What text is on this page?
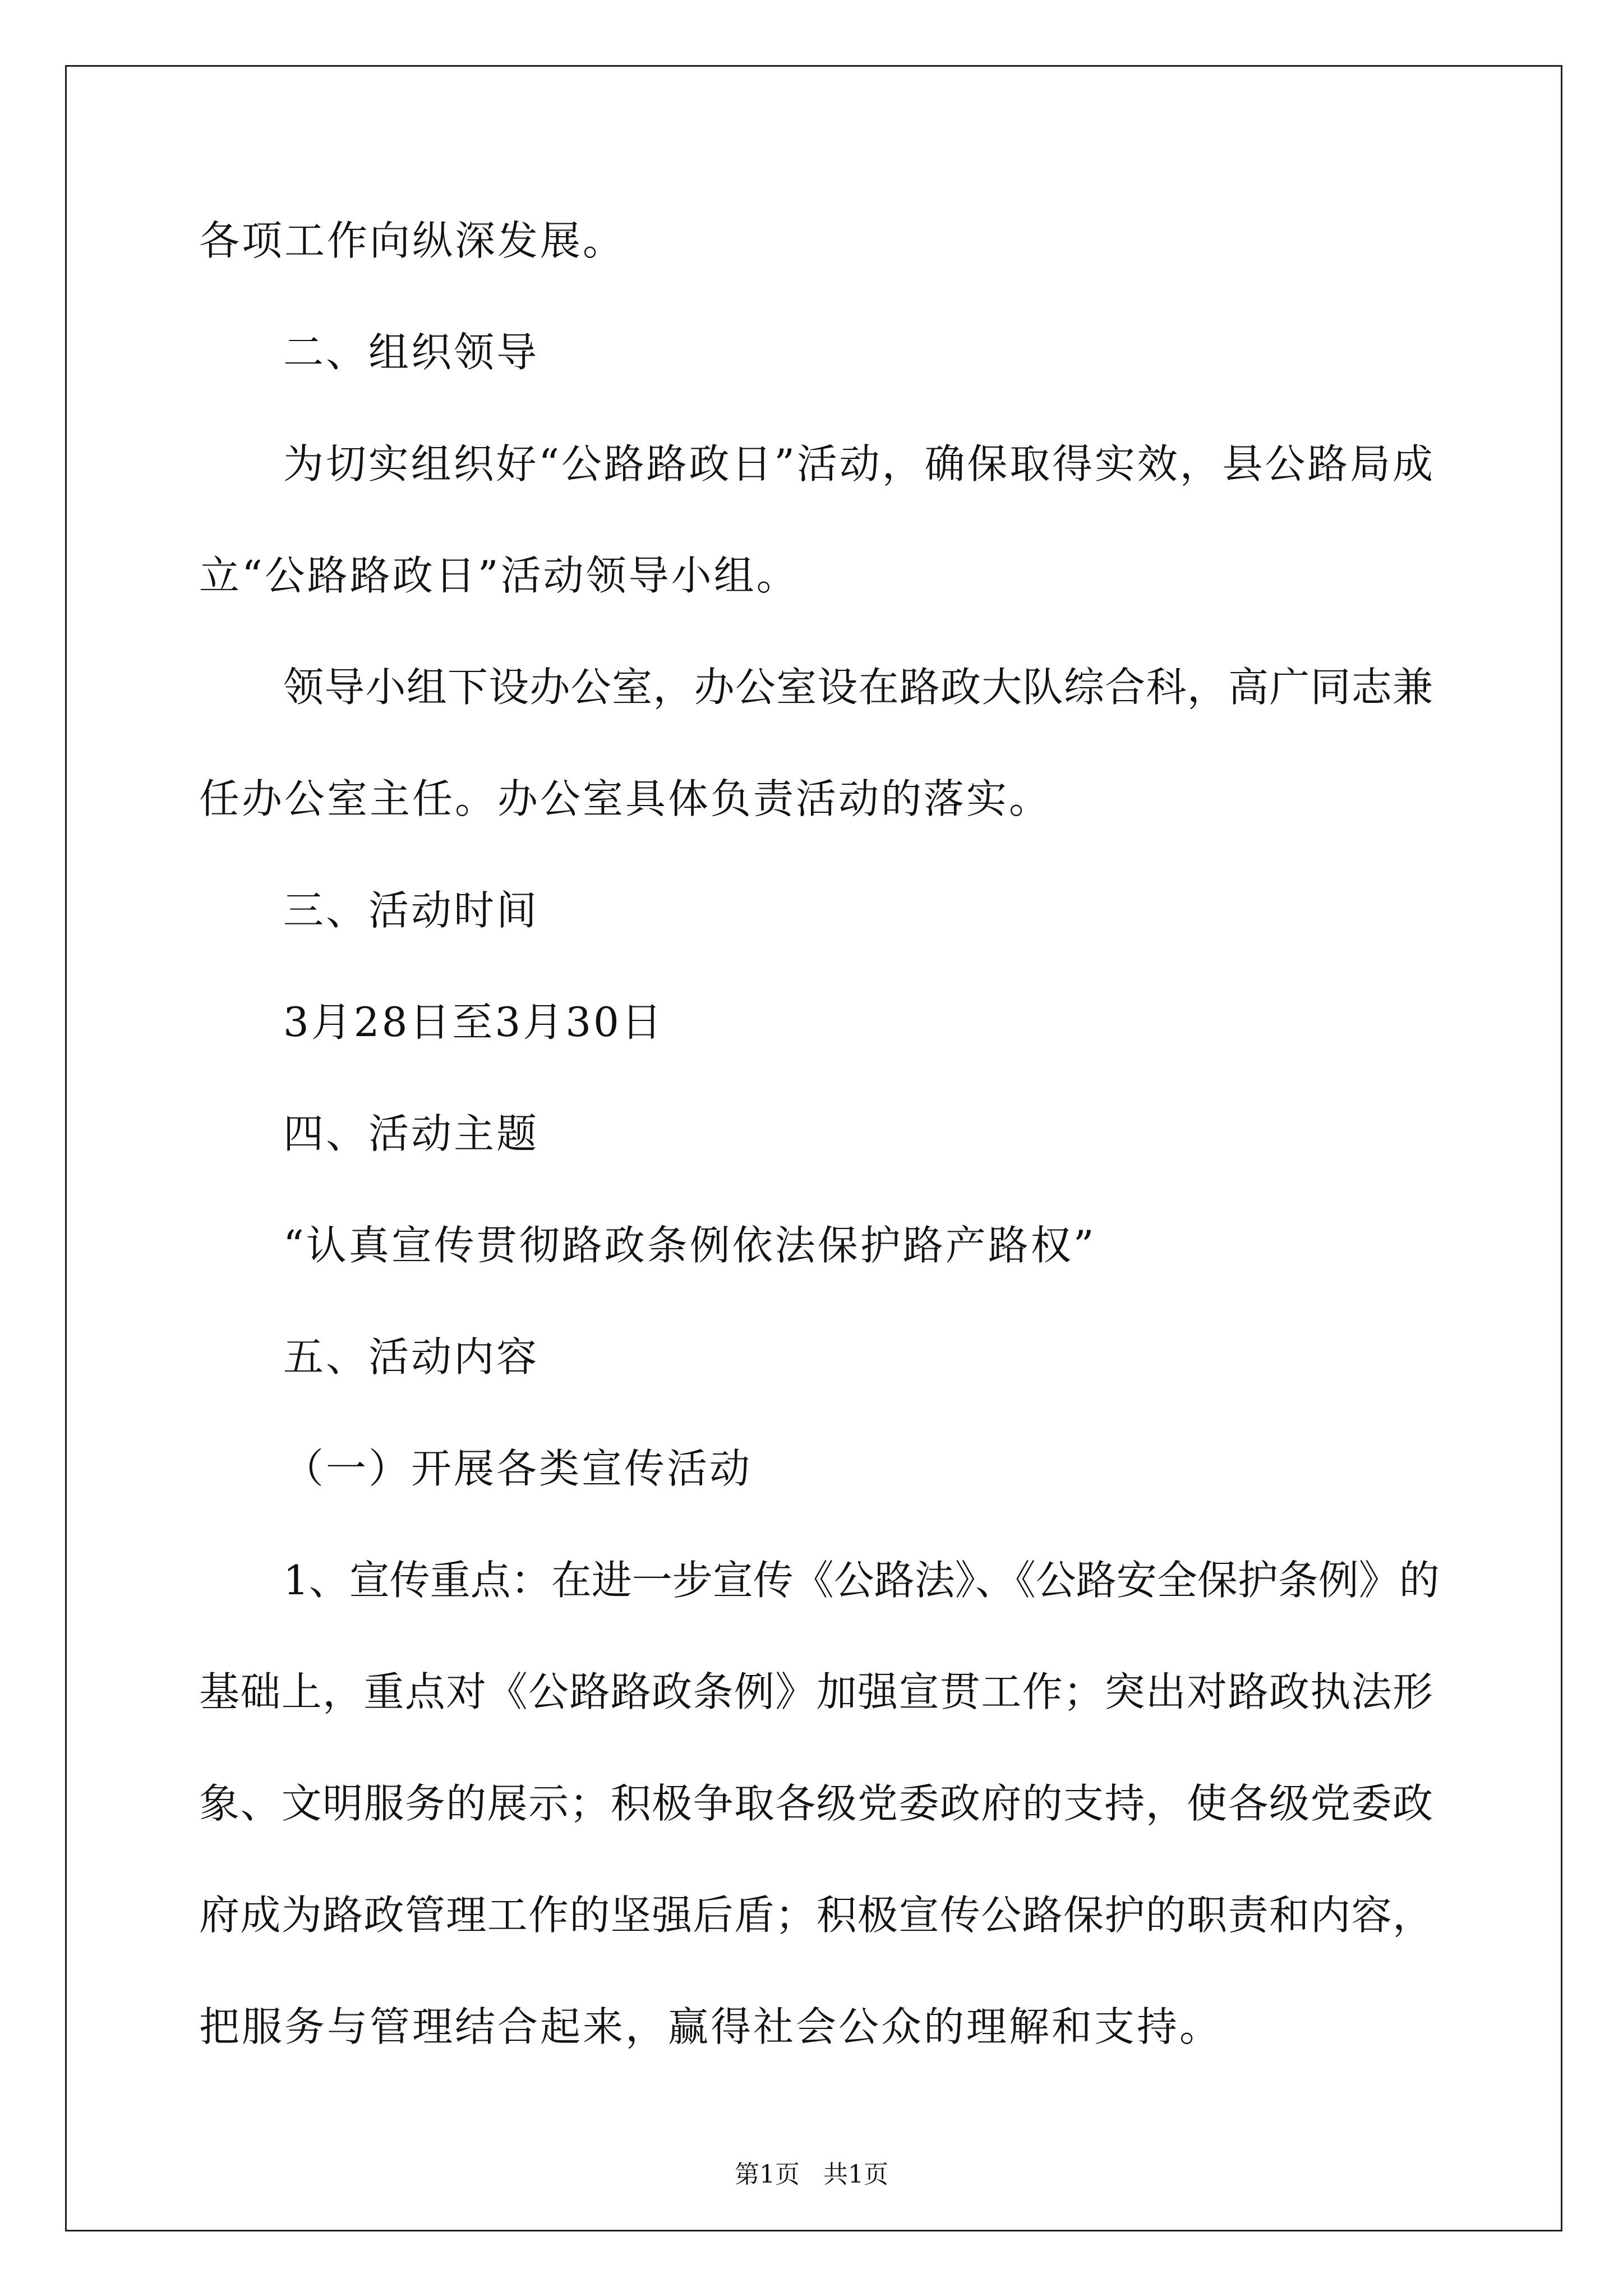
各项工作向纵深发展。
二、组织领导
为切实组织好“公路路政日”活动，确保取得实效，县公路局成
立“公路路政日”活动领导小组。
领导小组下设办公室，办公室设在路政大队综合科，高广同志兼
任办公室主任。办公室具体负责活动的落实。
三、活动时间
3月28日至3月30日
四、活动主题
“认真宣传贯彻路政条例依法保护路产路权”
五、活动内容
（一）开展各类宣传活动
1、宣传重点：在进一步宣传《公路法》、《公路安全保护条例》的
基础上，重点对《公路路政条例》加强宣贯工作；突出对路政执法形
象、文明服务的展示；积极争取各级党委政府的支持，使各级党委政
府成为路政管理工作的坚强后盾；积极宣传公路保护的职责和内容，
把服务与管理结合起来，赢得社会公众的理解和支持。
第1页   共1页
